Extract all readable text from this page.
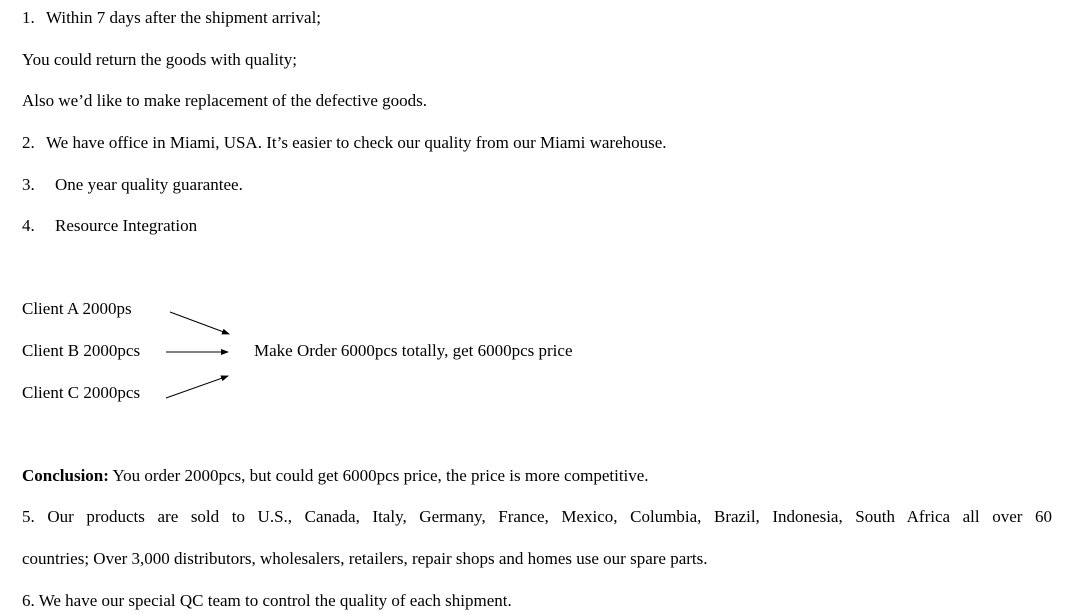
1. Within 7 days after the shipment arrival;
You could return the goods with quality;
Also we’d like to make replacement of the defective goods.
2. We have office in Miami, USA. It’s easier to check our quality from our Miami warehouse.
3. One year quality guarantee.
4. Resource Integration
Client A 2000ps
Client B 2000pcs
Client C 2000pcs
Make Order 6000pcs totally, get 6000pcs price
Conclusion: You order 2000pcs, but could get 6000pcs price, the price is more competitive.
5. Our products are sold to U.S., Canada, Italy, Germany, France, Mexico, Columbia, Brazil, Indonesia, South Africa all over 60
countries; Over 3,000 distributors, wholesalers, retailers, repair shops and homes use our spare parts.
6. We have our special QC team to control the quality of each shipment.
